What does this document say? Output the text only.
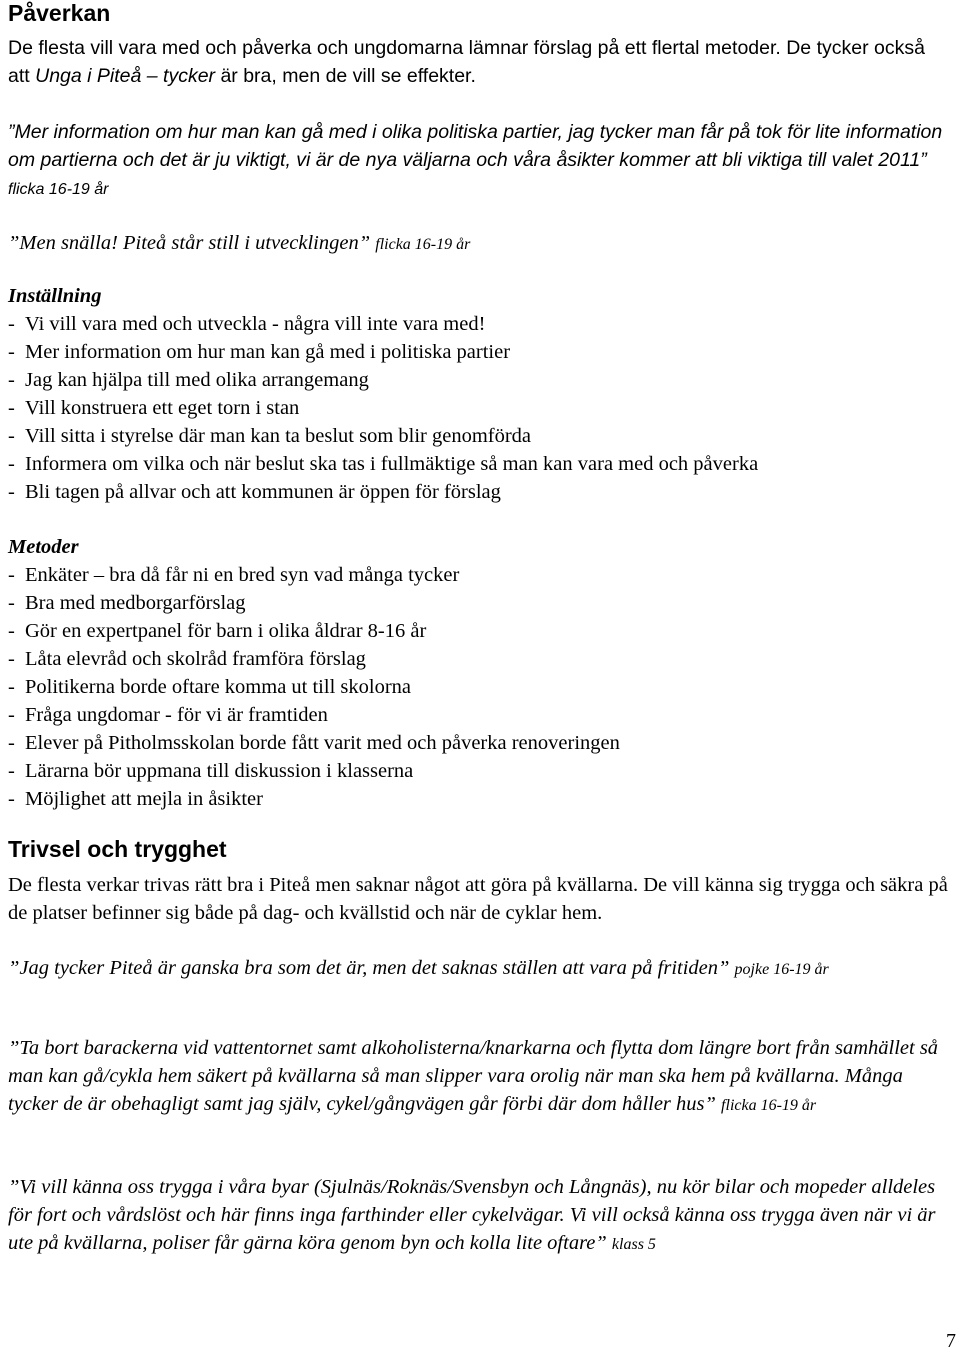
Påverkan

De flesta vill vara med och påverka och ungdomarna lämnar förslag på ett flertal metoder. De tycker också att Unga i Piteå – tycker är bra, men de vill se effekter.

”Mer information om hur man kan gå med i olika politiska partier, jag tycker man får på tok för lite information om partierna och det är ju viktigt, vi är de nya väljarna och våra åsikter kommer att bli viktiga till valet 2011” flicka 16-19 år

”Men snälla! Piteå står still i utvecklingen” flicka 16-19 år

Inställning

- Vi vill vara med och utveckla - några vill inte vara med!
- Mer information om hur man kan gå med i politiska partier
- Jag kan hjälpa till med olika arrangemang
- Vill konstruera ett eget torn i stan
- Vill sitta i styrelse där man kan ta beslut som blir genomförda
- Informera om vilka och när beslut ska tas i fullmäktige så man kan vara med och påverka
- Bli tagen på allvar och att kommunen är öppen för förslag

Metoder

- Enkäter – bra då får ni en bred syn vad många tycker
- Bra med medborgarförslag
- Gör en expertpanel för barn i olika åldrar 8-16 år
- Låta elevråd och skolråd framföra förslag
- Politikerna borde oftare komma ut till skolorna
- Fråga ungdomar - för vi är framtiden
- Elever på Pitholmsskolan borde fått varit med och påverka renoveringen
- Lärarna bör uppmana till diskussion i klasserna
- Möjlighet att mejla in åsikter
Trivsel och trygghet

De flesta verkar trivas rätt bra i Piteå men saknar något att göra på kvällarna. De vill känna sig trygga och säkra på de platser befinner sig både på dag- och kvällstid och när de cyklar hem.

”Jag tycker Piteå är ganska bra som det är, men det saknas ställen att vara på fritiden” pojke 16-19 år

”Ta bort barackerna vid vattentornet samt alkoholisterna/knarkarna och flytta dom längre bort från samhället så man kan gå/cykla hem säkert på kvällarna så man slipper vara orolig när man ska hem på kvällarna. Många tycker de är obehagligt samt jag själv, cykel/gångvägen går förbi där dom håller hus” flicka 16-19 år

”Vi vill känna oss trygga i våra byar (Sjulnäs/Roknäs/Svensbyn och Långnäs), nu kör bilar och mopeder alldeles för fort och vårdslöst och här finns inga farthinder eller cykelvägar. Vi vill också känna oss trygga även när vi är ute på kvällarna, poliser får gärna köra genom byn och kolla lite oftare” klass 5

7
